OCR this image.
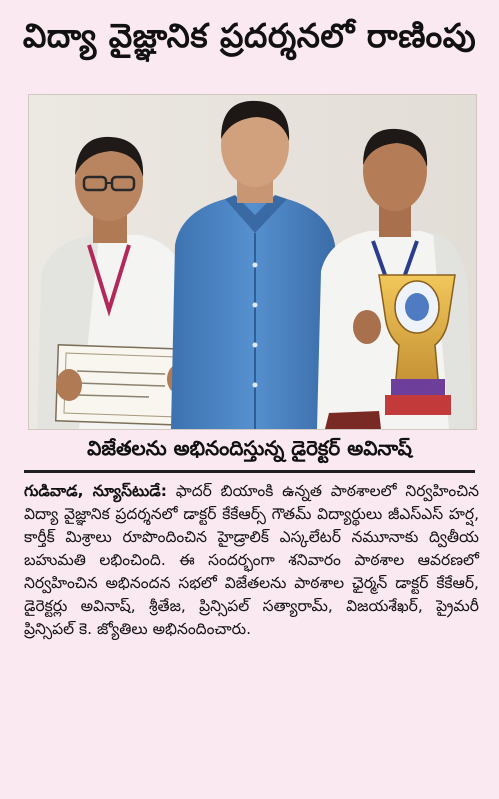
విద్యా వైజ్ఞానిక ప్రదర్శనలో రాణింపు
విజేతలను అభినందిస్తున్న డైరెక్టర్ అవినాష్
గుడివాడ, న్యూస్‌టుడే: ఫాదర్ బియాంకి ఉన్నత పాఠశాలలో నిర్వహించిన విద్యా వైజ్ఞానిక ప్రదర్శనలో డాక్టర్ కేకేఆర్స్ గౌతమ్ విద్యార్థులు జీఎస్ఎస్ హర్ష, కార్తీక్ మిశ్రాలు రూపొందించిన హైడ్రాలిక్ ఎస్కలేటర్ నమూనాకు ద్వితీయ బహుమతి లభించింది. ఈ సందర్భంగా శనివారం పాఠశాల ఆవరణలో నిర్వహించిన అభినందన సభలో విజేతలను పాఠశాల ఛైర్మన్ డాక్టర్ కేకేఆర్, డైరెక్టర్లు అవినాష్, శ్రీతేజ, ప్రిన్సిపల్ సత్యారామ్, విజయశేఖర్, ప్రైమరీ ప్రిన్సిపల్ కె. జ్యోతిలు అభినందించారు.
